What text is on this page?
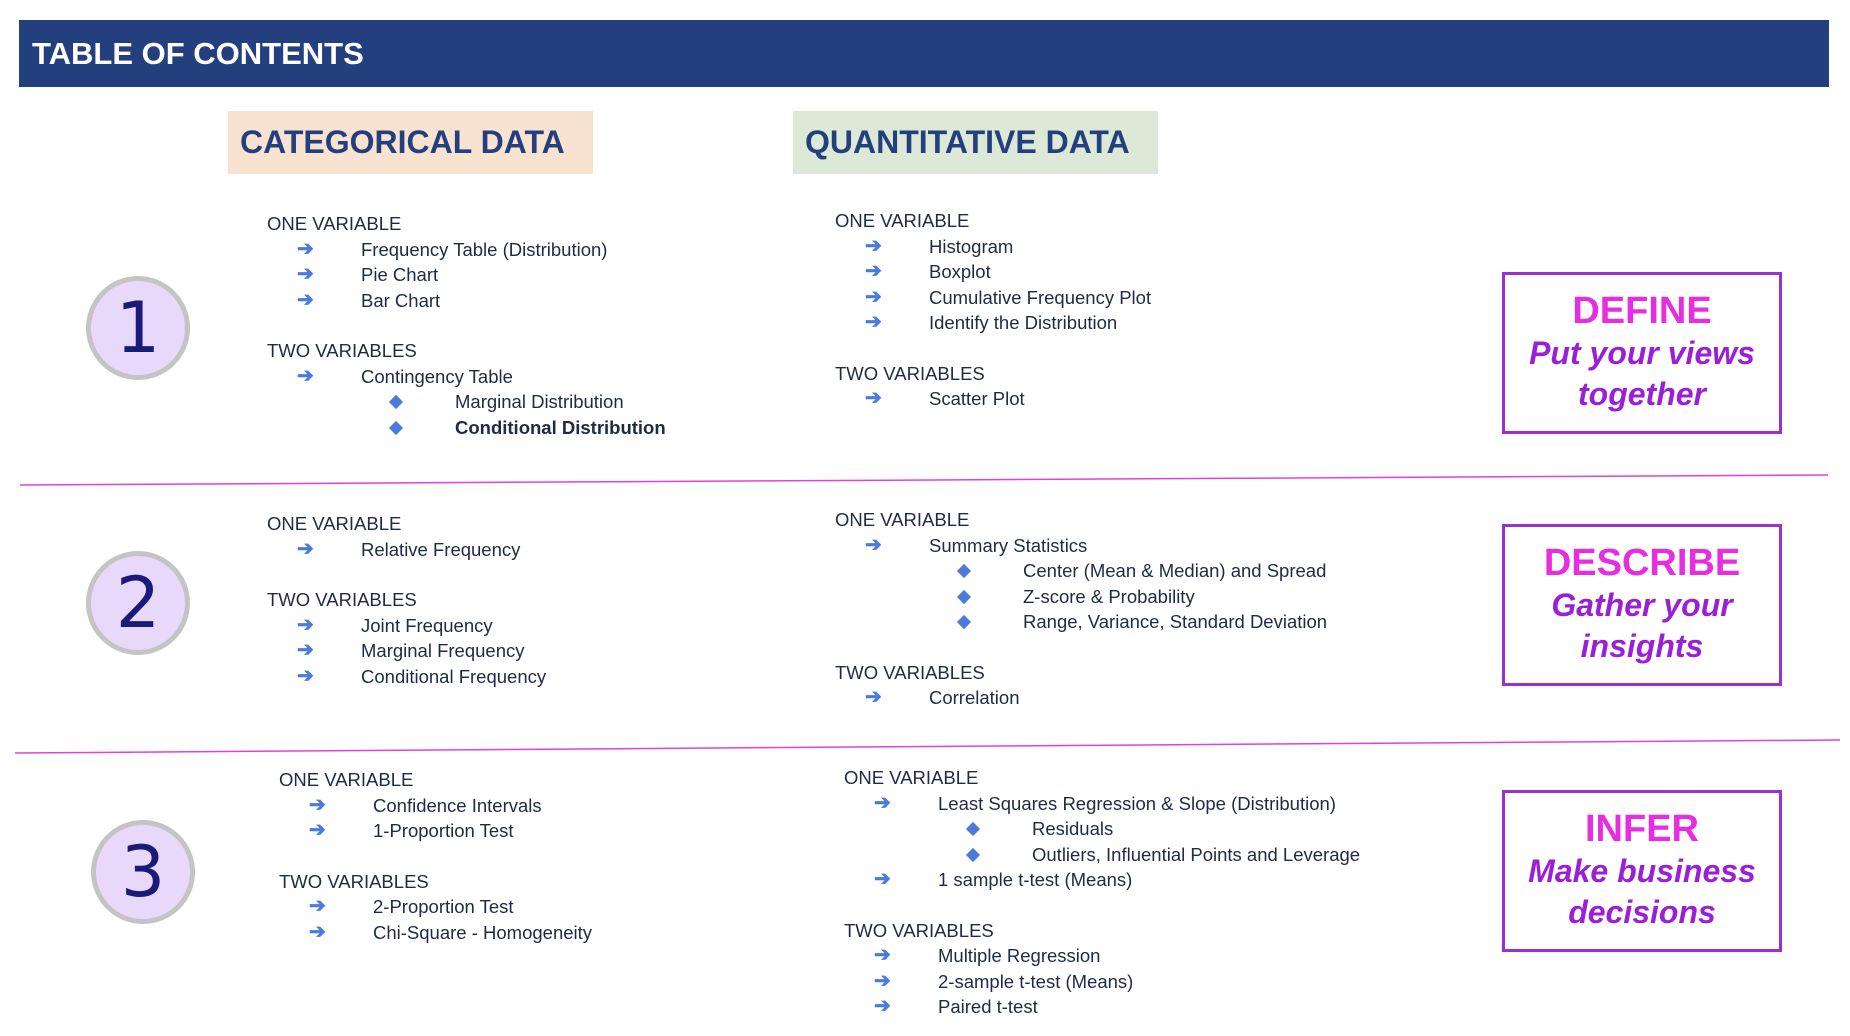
TABLE OF CONTENTS
CATEGORICAL DATA	QUANTITATIVE DATA
1
ONE VARIABLE
➔	Frequency Table (Distribution)
➔	Pie Chart
➔	Bar Chart
TWO VARIABLES
➔	Contingency Table
Marginal Distribution
Conditional Distribution
ONE VARIABLE
➔	Histogram
➔	Boxplot
➔	Cumulative Frequency Plot
➔	Identify the Distribution
TWO VARIABLES
➔	Scatter Plot
DEFINE
Put your views
together
2
ONE VARIABLE
➔	Relative Frequency
TWO VARIABLES
➔	Joint Frequency
➔	Marginal Frequency
➔	Conditional Frequency
ONE VARIABLE
➔	Summary Statistics
Center (Mean & Median) and Spread
Z-score & Probability
Range, Variance, Standard Deviation
TWO VARIABLES
➔	Correlation
DESCRIBE
Gather your
insights
3
ONE VARIABLE
➔	Confidence Intervals
➔	1-Proportion Test
TWO VARIABLES
➔	2-Proportion Test
➔	Chi-Square - Homogeneity
ONE VARIABLE
➔	Least Squares Regression & Slope (Distribution)
Residuals
Outliers, Influential Points and Leverage
➔	1 sample t-test (Means)
TWO VARIABLES
➔	Multiple Regression
➔	2-sample t-test (Means)
➔	Paired t-test
INFER
Make business
decisions
